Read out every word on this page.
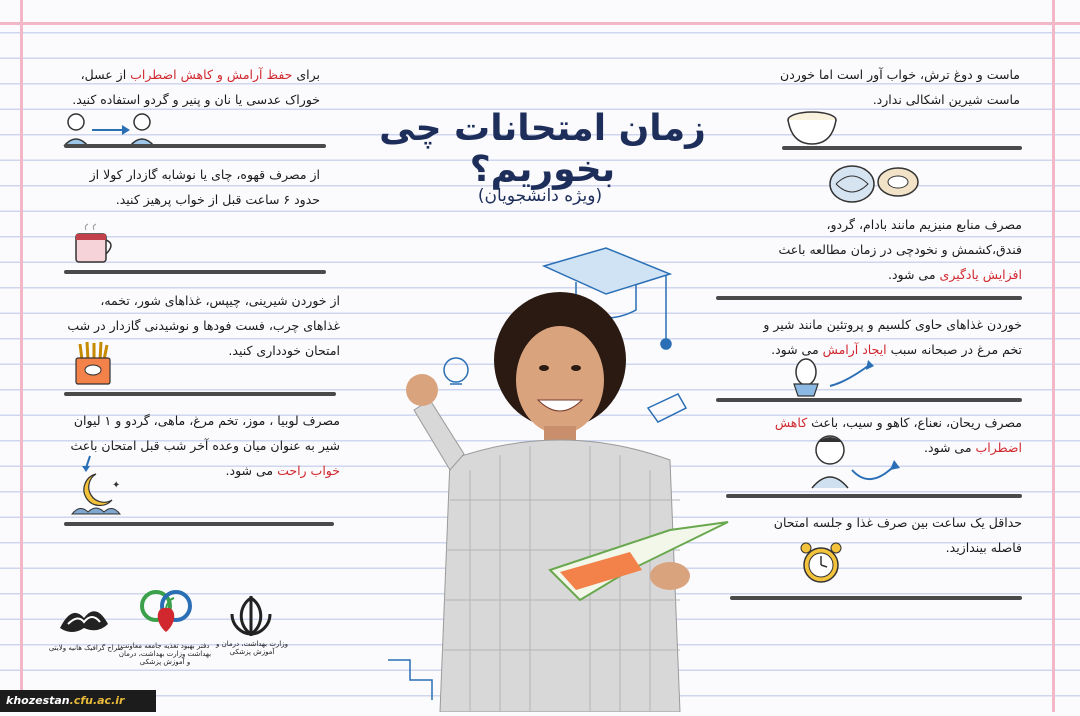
زمان امتحانات چی بخوریم؟
(ویژه دانشجویان)
برای حفظ آرامش و کاهش اضطراب از عسل، خوراک عدسی یا نان و پنیر و گردو استفاده کنید.
از مصرف قهوه، چای یا نوشابه گازدار کولا از حدود ۶ ساعت قبل از خواب پرهیز کنید.
از خوردن شیرینی، چیپس، غذاهای شور، تخمه، غذاهای چرب، فست فودها و نوشیدنی گازدار در شب امتحان خودداری کنید.
مصرف لوبیا ، موز، تخم مرغ، ماهی، گردو و ۱ لیوان شیر به عنوان میان وعده آخر شب قبل امتحان باعث خواب راحت می شود.
✦
ماست و دوغ ترش، خواب آور است اما خوردن ماست شیرین اشکالی ندارد.
مصرف منابع منیزیم مانند بادام، گردو، فندق،کشمش و نخودچی در زمان مطالعه باعث افزایش یادگیری می شود.
خوردن غذاهای حاوی کلسیم و پروتئین مانند شیر و تخم مرغ در صبحانه سبب ایجاد آرامش می شود.
مصرف ریحان، نعناع، کاهو و سیب، باعث کاهش اضطراب می شود.
حداقل یک ساعت بین صرف غذا و جلسه امتحان فاصله بیندازید.
وزارت بهداشت، درمان و آموزش پزشکی
دفتر بهبود تغذیه جامعه معاونت بهداشت وزارت بهداشت، درمان و آموزش پزشکی
طراح گرافیک هانیه ولایتی
khozestan.cfu.ac.ir
